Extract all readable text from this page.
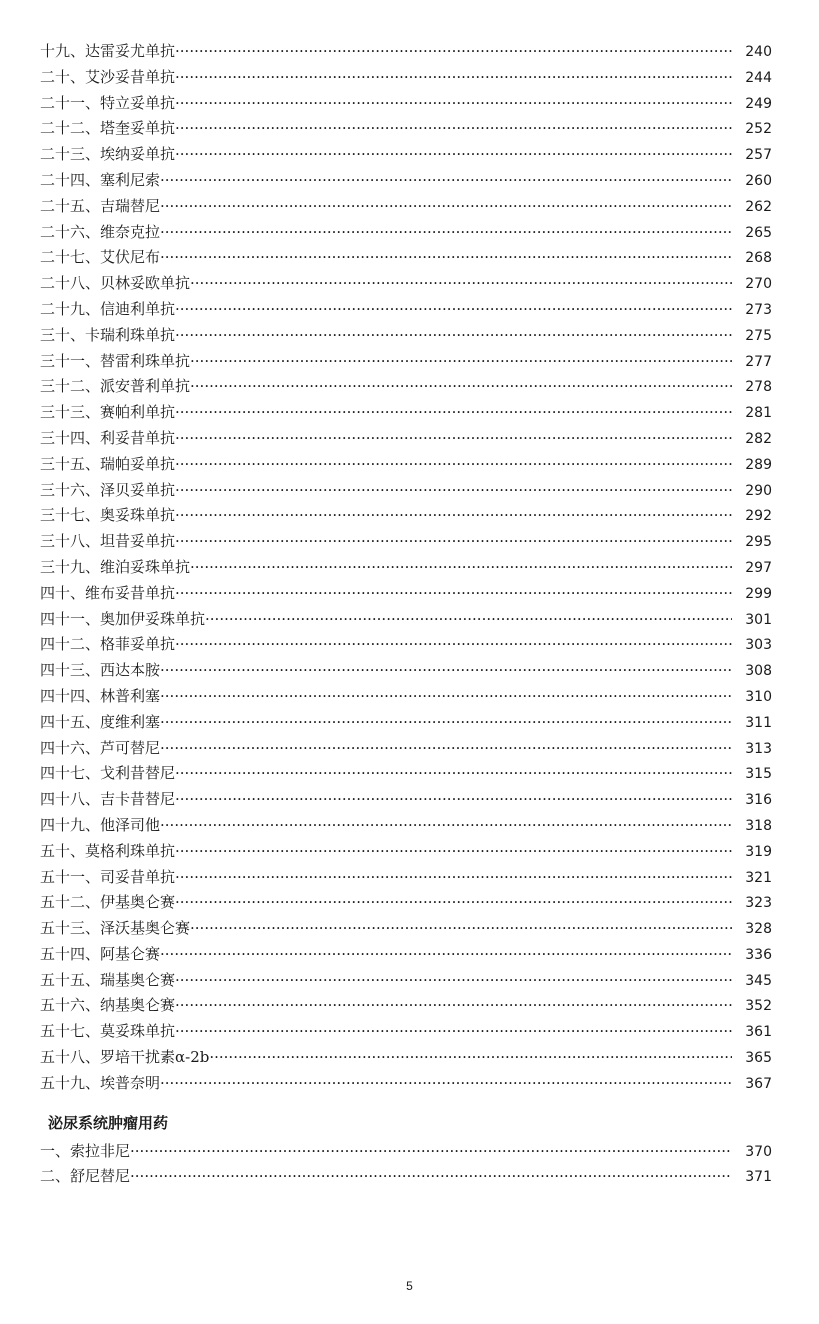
十九、达雷妥尤单抗 ·····	240
二十、艾沙妥昔单抗 ·····	244
二十一、特立妥单抗 ·····	249
二十二、塔奎妥单抗 ·····	252
二十三、埃纳妥单抗 ·····	257
二十四、塞利尼索 ·····	260
二十五、吉瑞替尼 ·····	262
二十六、维奈克拉 ·····	265
二十七、艾伏尼布 ·····	268
二十八、贝林妥欧单抗 ·····	270
二十九、信迪利单抗 ·····	273
三十、卡瑞利珠单抗 ·····	275
三十一、替雷利珠单抗 ·····	277
三十二、派安普利单抗 ·····	278
三十三、赛帕利单抗 ·····	281
三十四、利妥昔单抗 ·····	282
三十五、瑞帕妥单抗 ·····	289
三十六、泽贝妥单抗 ·····	290
三十七、奥妥珠单抗 ·····	292
三十八、坦昔妥单抗 ·····	295
三十九、维泊妥珠单抗 ·····	297
四十、维布妥昔单抗 ·····	299
四十一、奥加伊妥珠单抗 ·····	301
四十二、格菲妥单抗 ·····	303
四十三、西达本胺 ·····	308
四十四、林普利塞 ·····	310
四十五、度维利塞 ·····	311
四十六、芦可替尼 ·····	313
四十七、戈利昔替尼 ·····	315
四十八、吉卡昔替尼 ·····	316
四十九、他泽司他 ·····	318
五十、莫格利珠单抗 ·····	319
五十一、司妥昔单抗 ·····	321
五十二、伊基奥仑赛 ·····	323
五十三、泽沃基奥仑赛 ·····	328
五十四、阿基仑赛 ·····	336
五十五、瑞基奥仑赛 ·····	345
五十六、纳基奥仑赛 ·····	352
五十七、莫妥珠单抗 ·····	361
五十八、罗培干扰素α-2b ·····	365
五十九、埃普奈明 ·····	367
泌尿系统肿瘤用药
一、索拉非尼 ·····	370
二、舒尼替尼 ·····	371
5
